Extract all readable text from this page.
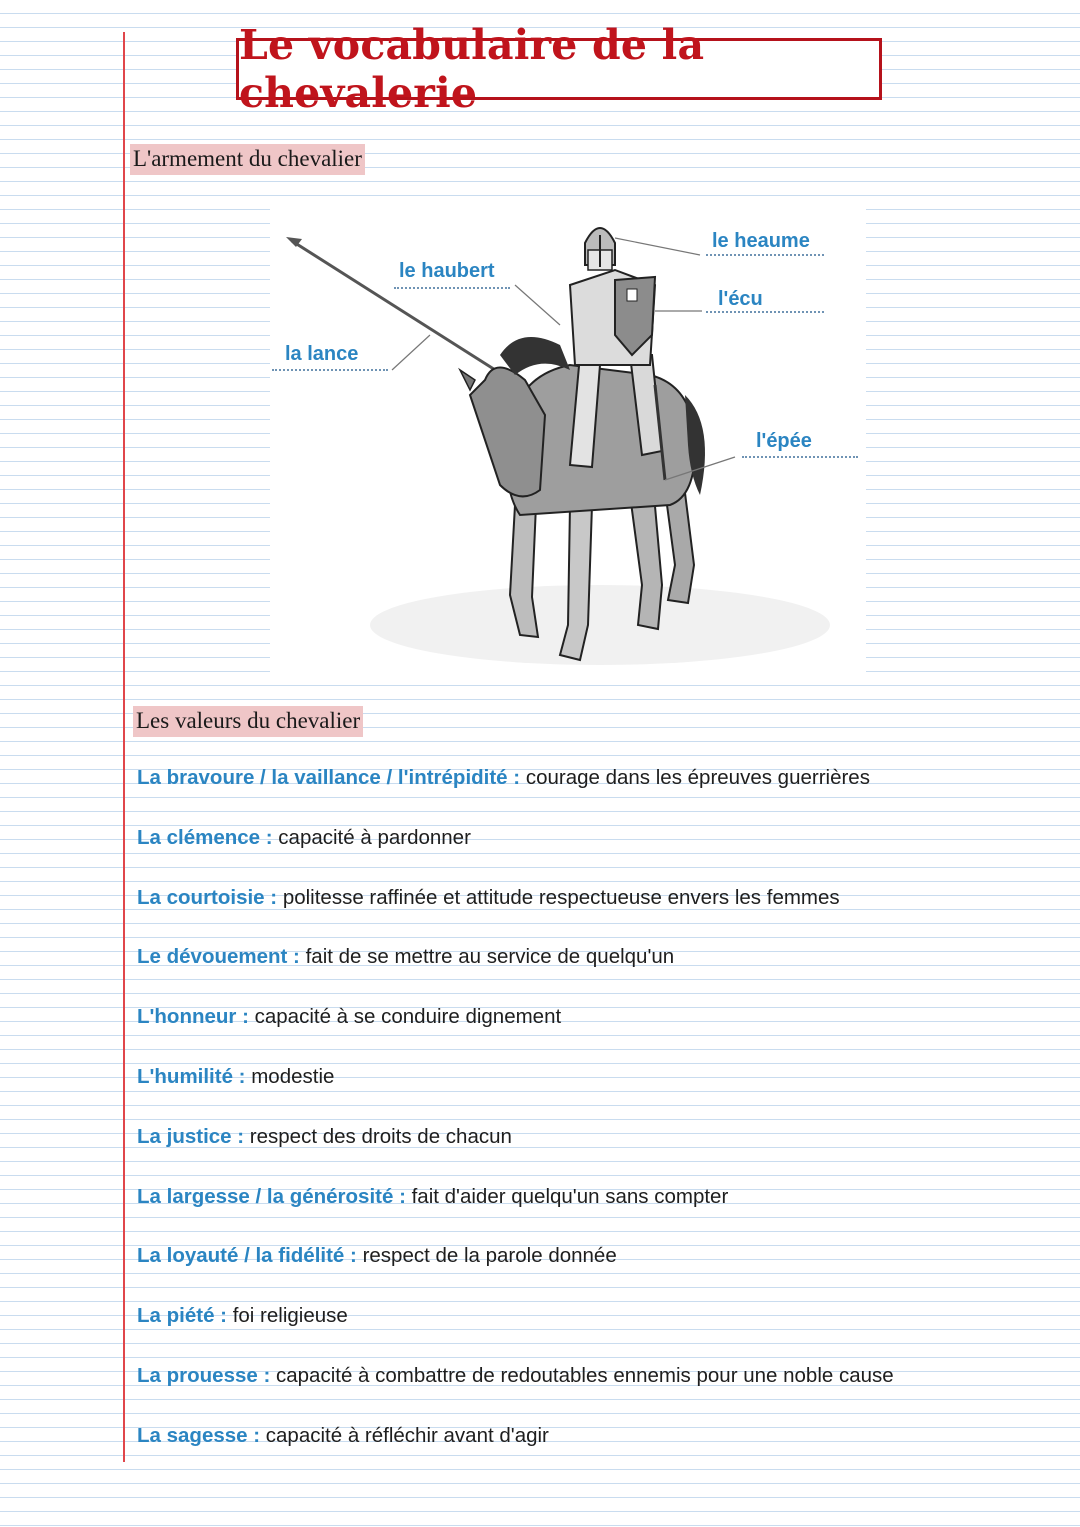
Le vocabulaire de la chevalerie
L'armement du chevalier
le heaume
le haubert
l'écu
la lance
l'épée
Les valeurs du chevalier
La bravoure / la vaillance / l'intrépidité : courage dans les épreuves guerrières
La clémence : capacité à pardonner
La courtoisie : politesse raffinée et attitude respectueuse envers les femmes
Le dévouement : fait de se mettre au service de quelqu'un
L'honneur : capacité à se conduire dignement
L'humilité : modestie
La justice : respect des droits de chacun
La largesse / la générosité : fait d'aider quelqu'un sans compter
La loyauté / la fidélité : respect de la parole donnée
La piété : foi religieuse
La prouesse : capacité à combattre de redoutables ennemis pour une noble cause
La sagesse : capacité à réfléchir avant d'agir
